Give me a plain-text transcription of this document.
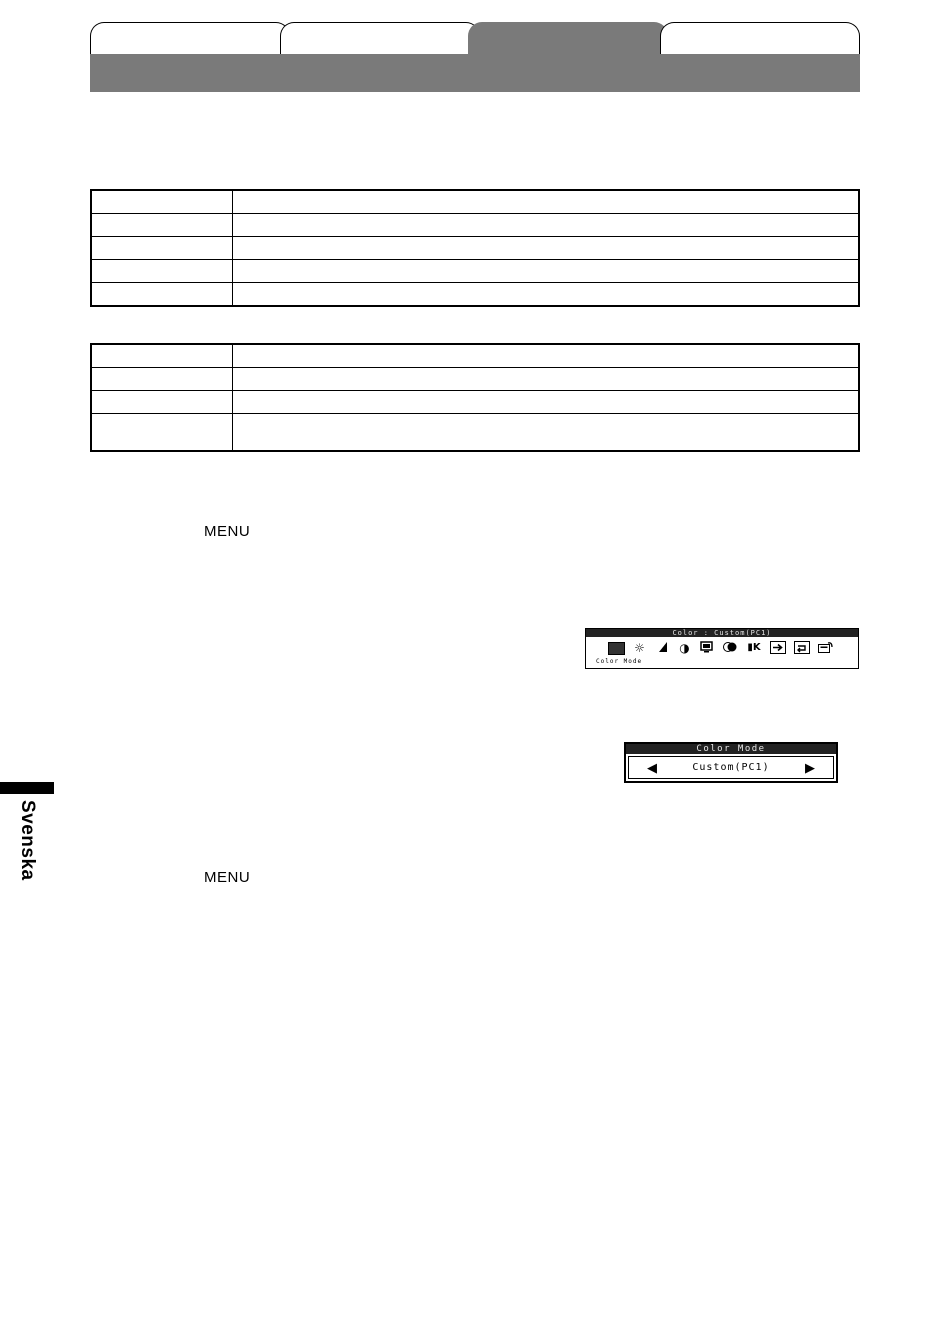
MENU
Color : Custom(PC1)
☼	◑	▮K
Color Mode
Color Mode
◀	Custom(PC1)	▶
MENU
Svenska
